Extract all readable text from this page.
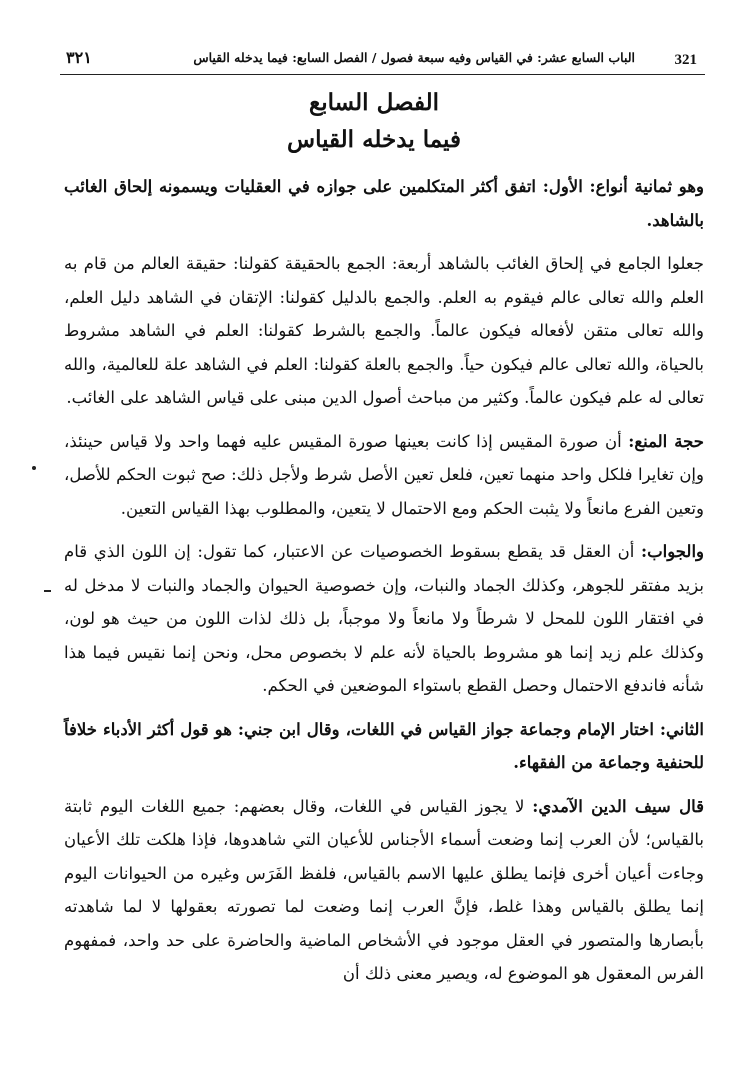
321
الباب السابع عشر: في القياس وفيه سبعة فصول / الفصل السابع: فيما يدخله القياس
٣٢١
الفصل السابع
فيما يدخله القياس

وهو ثمانية أنواع: الأول: اتفق أكثر المتكلمين على جوازه في العقليات ويسمونه إلحاق الغائب بالشاهد.

جعلوا الجامع في إلحاق الغائب بالشاهد أربعة: الجمع بالحقيقة كقولنا: حقيقة العالم من قام به العلم والله تعالى عالم فيقوم به العلم. والجمع بالدليل كقولنا: الإتقان في الشاهد دليل العلم، والله تعالى متقن لأفعاله فيكون عالماً. والجمع بالشرط كقولنا: العلم في الشاهد مشروط بالحياة، والله تعالى عالم فيكون حياً. والجمع بالعلة كقولنا: العلم في الشاهد علة للعالمية، والله تعالى له علم فيكون عالماً. وكثير من مباحث أصول الدين مبنى على قياس الشاهد على الغائب.

حجة المنع: أن صورة المقيس إذا كانت بعينها صورة المقيس عليه فهما واحد ولا قياس حينئذ، وإن تغايرا فلكل واحد منهما تعين، فلعل تعين الأصل شرط ولأجل ذلك: صح ثبوت الحكم للأصل، وتعين الفرع مانعاً ولا يثبت الحكم ومع الاحتمال لا يتعين، والمطلوب بهذا القياس التعين.

والجواب: أن العقل قد يقطع بسقوط الخصوصيات عن الاعتبار، كما تقول: إن اللون الذي قام بزيد مفتقر للجوهر، وكذلك الجماد والنبات، وإن خصوصية الحيوان والجماد والنبات لا مدخل له في افتقار اللون للمحل لا شرطاً ولا مانعاً ولا موجباً، بل ذلك لذات اللون من حيث هو لون، وكذلك علم زيد إنما هو مشروط بالحياة لأنه علم لا بخصوص محل، ونحن إنما نقيس فيما هذا شأنه فاندفع الاحتمال وحصل القطع باستواء الموضعين في الحكم.

الثاني: اختار الإمام وجماعة جواز القياس في اللغات، وقال ابن جني: هو قول أكثر الأدباء خلافاً للحنفية وجماعة من الفقهاء.

قال سيف الدين الآمدي: لا يجوز القياس في اللغات، وقال بعضهم: جميع اللغات اليوم ثابتة بالقياس؛ لأن العرب إنما وضعت أسماء الأجناس للأعيان التي شاهدوها، فإذا هلكت تلك الأعيان وجاءت أعيان أخرى فإنما يطلق عليها الاسم بالقياس، فلفظ الفَرَس وغيره من الحيوانات اليوم إنما يطلق بالقياس وهذا غلط، فإنَّ العرب إنما وضعت لما تصورته بعقولها لا لما شاهدته بأبصارها والمتصور في العقل موجود في الأشخاص الماضية والحاضرة على حد واحد، فمفهوم الفرس المعقول هو الموضوع له، ويصير معنى ذلك أن
